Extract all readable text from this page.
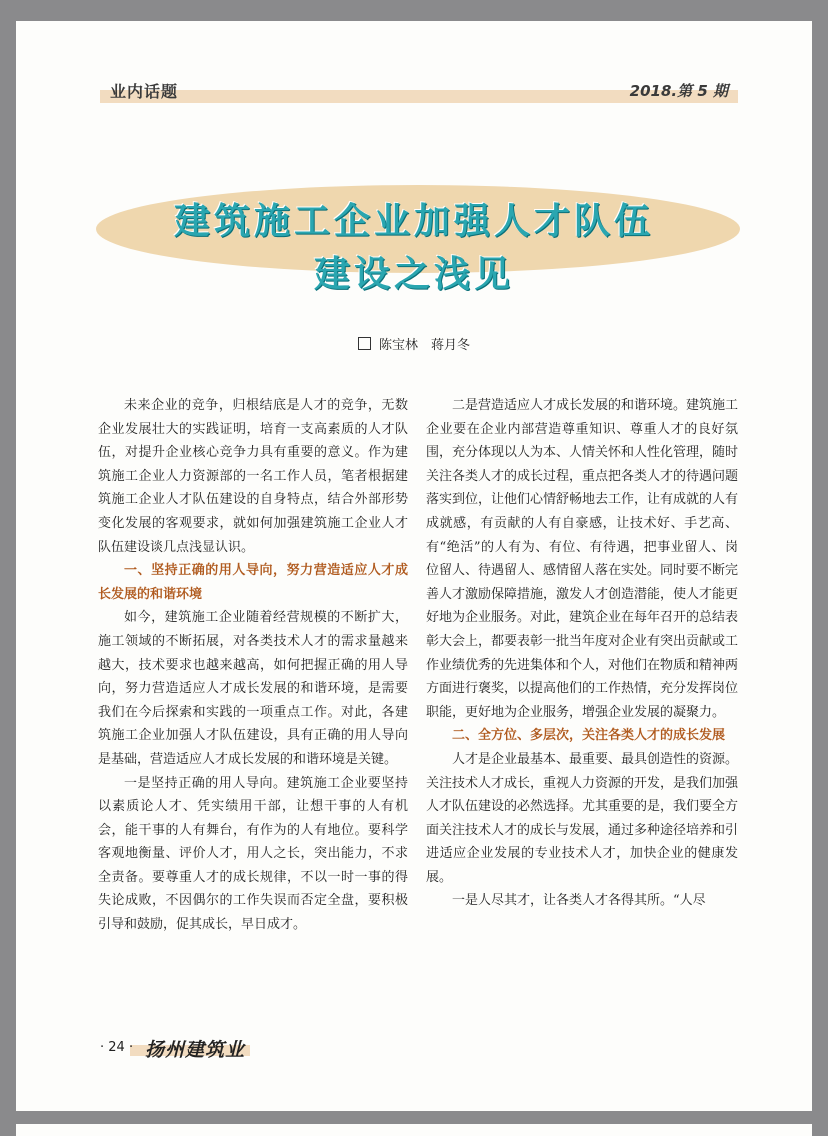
业内话题	2018.第 5 期
建筑施工企业加强人才队伍
建设之浅见
陈宝林　蒋月冬

未来企业的竞争，归根结底是人才的竞争，无数企业发展壮大的实践证明，培育一支高素质的人才队伍，对提升企业核心竞争力具有重要的意义。作为建筑施工企业人力资源部的一名工作人员，笔者根据建筑施工企业人才队伍建设的自身特点，结合外部形势变化发展的客观要求，就如何加强建筑施工企业人才队伍建设谈几点浅显认识。

一、坚持正确的用人导向，努力营造适应人才成长发展的和谐环境

如今，建筑施工企业随着经营规模的不断扩大，施工领域的不断拓展，对各类技术人才的需求量越来越大，技术要求也越来越高，如何把握正确的用人导向，努力营造适应人才成长发展的和谐环境，是需要我们在今后探索和实践的一项重点工作。对此，各建筑施工企业加强人才队伍建设，具有正确的用人导向是基础，营造适应人才成长发展的和谐环境是关键。

一是坚持正确的用人导向。建筑施工企业要坚持以素质论人才、凭实绩用干部，让想干事的人有机会，能干事的人有舞台，有作为的人有地位。要科学客观地衡量、评价人才，用人之长，突出能力，不求全责备。要尊重人才的成长规律，不以一时一事的得失论成败，不因偶尔的工作失误而否定全盘，要积极引导和鼓励，促其成长，早日成才。

二是营造适应人才成长发展的和谐环境。建筑施工企业要在企业内部营造尊重知识、尊重人才的良好氛围，充分体现以人为本、人情关怀和人性化管理，随时关注各类人才的成长过程，重点把各类人才的待遇问题落实到位，让他们心情舒畅地去工作，让有成就的人有成就感，有贡献的人有自豪感，让技术好、手艺高、有“绝活”的人有为、有位、有待遇，把事业留人、岗位留人、待遇留人、感情留人落在实处。同时要不断完善人才激励保障措施，激发人才创造潜能，使人才能更好地为企业服务。对此，建筑企业在每年召开的总结表彰大会上，都要表彰一批当年度对企业有突出贡献或工作业绩优秀的先进集体和个人，对他们在物质和精神两方面进行褒奖，以提高他们的工作热情，充分发挥岗位职能，更好地为企业服务，增强企业发展的凝聚力。

二、全方位、多层次，关注各类人才的成长发展

人才是企业最基本、最重要、最具创造性的资源。关注技术人才成长，重视人力资源的开发，是我们加强人才队伍建设的必然选择。尤其重要的是，我们要全方面关注技术人才的成长与发展，通过多种途径培养和引进适应企业发展的专业技术人才，加快企业的健康发展。

一是人尽其才，让各类人才各得其所。“人尽

· 24 · 扬州建筑业
